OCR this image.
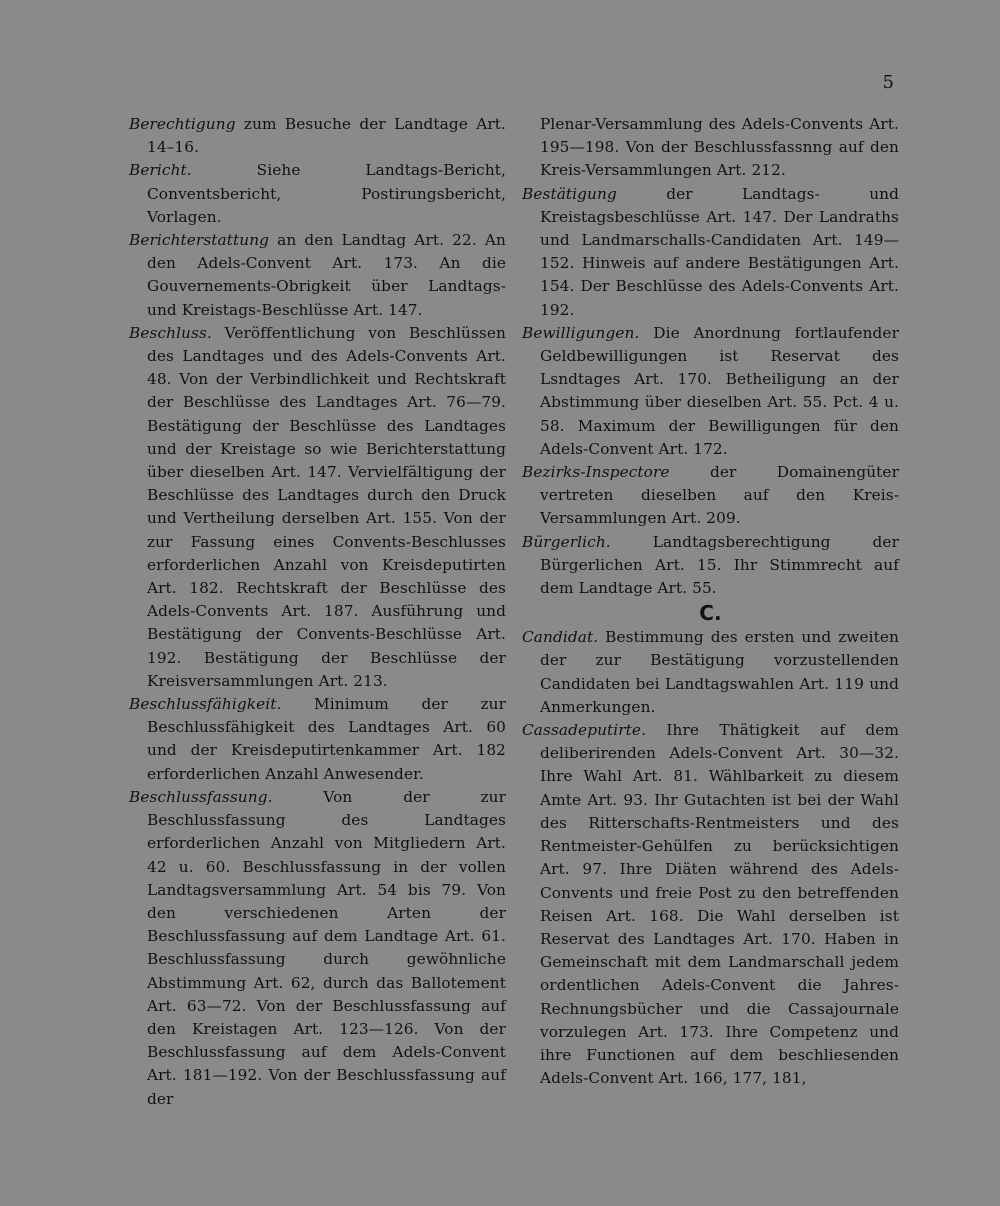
5

Berechtigung zum Besuche der Landtage Art. 14–16.

Bericht.	Siehe Landtags-Bericht, Conventsbericht, Postirungsbericht, Vorlagen.

Berichterstattung an den Landtag Art. 22. An den Adels-Convent Art. 173. An die Gouvernements-Obrigkeit über Landtags- und Kreistags-Beschlüsse Art. 147.

Beschluss. Veröffentlichung von Beschlüssen des Landtages und des Adels-Convents Art. 48. Von der Verbindlichkeit und Rechtskraft der Beschlüsse des Landtages Art. 76—79. Bestätigung der Beschlüsse des Landtages und der Kreistage so wie Berichterstattung über dieselben Art. 147. Vervielfältigung der Beschlüsse des Landtages durch den Druck und Vertheilung derselben Art. 155. Von der zur Fassung eines Convents-Beschlusses erforderlichen Anzahl von Kreisdeputirten Art. 182. Rechtskraft der Beschlüsse des Adels-Convents Art. 187. Ausführung und Bestätigung der Convents-Beschlüsse Art. 192. Bestätigung der Beschlüsse der Kreisversammlungen Art. 213.

Beschlussfähigkeit. Minimum der zur Beschlussfähigkeit des Landtages Art. 60 und der Kreisdeputirtenkammer Art. 182 erforderlichen Anzahl Anwesender.

Beschlussfassung.	Von der zur Beschlussfassung des Landtages erforderlichen Anzahl von Mitgliedern Art. 42 u. 60. Beschlussfassung in der vollen Landtagsversammlung Art. 54 bis 79. Von den verschiedenen Arten der Beschlussfassung auf dem Landtage Art. 61. Beschlussfassung durch gewöhnliche Abstimmung Art. 62, durch das Ballotement Art. 63—72. Von der Beschlussfassung auf den Kreistagen Art. 123—126. Von der Beschlussfassung auf dem Adels-Convent Art. 181—192. Von der Beschlussfassung auf der

Plenar-Versammlung des Adels-Convents Art. 195—198. Von der Beschlussfassnng auf den Kreis-Versammlungen Art. 212.

Bestätigung	der Landtags- und Kreistagsbeschlüsse Art. 147. Der Landraths und Landmarschalls-Candidaten Art. 149—152. Hinweis auf andere Bestätigungen Art. 154. Der Beschlüsse des Adels-Convents Art. 192.

Bewilligungen. Die Anordnung fortlaufender Geldbewilligungen ist Reservat des Lsndtages Art. 170. Betheiligung an der Abstimmung über dieselben Art. 55. Pct. 4 u. 58. Maximum der Bewilligungen für den Adels-Convent Art. 172.

Bezirks-Inspectore	der Domainengüter vertreten dieselben auf den Kreis-Versammlungen Art. 209.

Bürgerlich.	Landtagsberechtigung der Bürgerlichen Art. 15. Ihr Stimmrecht auf dem Landtage Art. 55.

C.

Candidat. Bestimmung des ersten und zweiten der zur Bestätigung vorzustellenden Candidaten bei Landtagswahlen Art. 119 und Anmerkungen.

Cassadeputirte. Ihre Thätigkeit auf dem deliberirenden Adels-Convent Art. 30—32. Ihre Wahl Art. 81. Wählbarkeit zu diesem Amte Art. 93. Ihr Gutachten ist bei der Wahl des Ritterschafts-Rentmeisters und des Rentmeister-Gehülfen zu berücksichtigen Art. 97. Ihre Diäten während des Adels-Convents und freie Post zu den betreffenden Reisen Art. 168. Die Wahl derselben ist Reservat des Landtages Art. 170. Haben in Gemeinschaft mit dem Landmarschall jedem ordentlichen Adels-Convent die Jahres-Rechnungsbücher und die Cassajournale vorzulegen Art. 173. Ihre Competenz und ihre Functionen auf dem beschliesenden Adels-Convent Art. 166, 177, 181,
